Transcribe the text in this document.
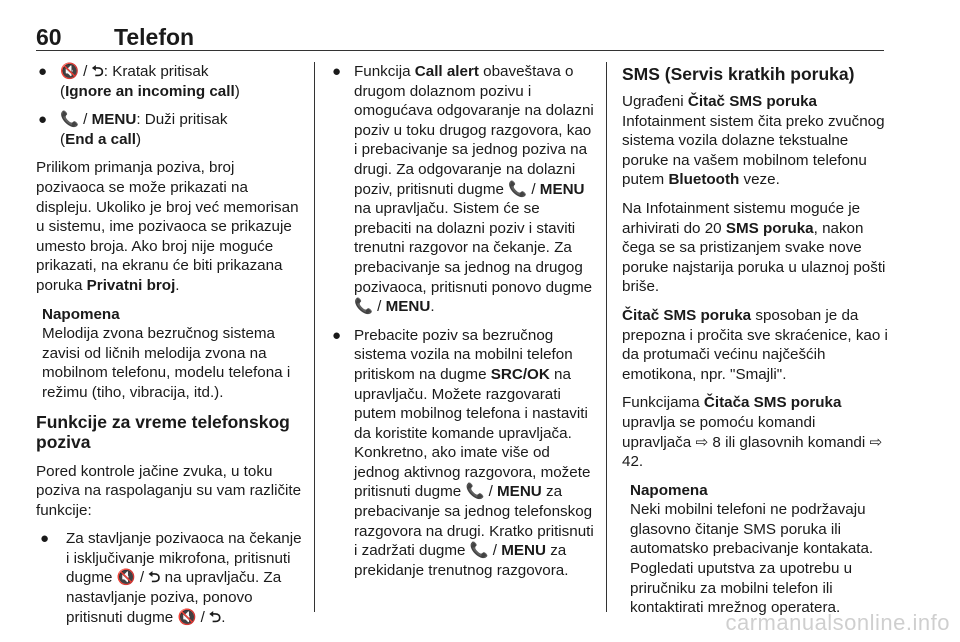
60 Telefon
● 🔇 / ⮌: Kratak pritisak
(Ignore an incoming call)
● 📞 / MENU: Duži pritisak
(End a call)

Prilikom primanja poziva, broj pozivaoca se može prikazati na displeju. Ukoliko je broj već memorisan u sistemu, ime pozivaoca se prikazuje umesto broja. Ako broj nije moguće prikazati, na ekranu će biti prikazana poruka Privatni broj.

Napomena
Melodija zvona bezručnog sistema zavisi od ličnih melodija zvona na mobilnom telefonu, modelu telefona i režimu (tiho, vibracija, itd.).
Funkcije za vreme telefonskog poziva

Pored kontrole jačine zvuka, u toku poziva na raspolaganju su vam različite funkcije:

● Za stavljanje pozivaoca na čekanje i isključivanje mikrofona, pritisnuti dugme 🔇 / ⮌ na upravljaču. Za nastavljanje poziva, ponovo pritisnuti dugme 🔇 / ⮌.
● Funkcija Call alert obaveštava o drugom dolaznom pozivu i omogućava odgovaranje na dolazni poziv u toku drugog razgovora, kao i prebacivanje sa jednog poziva na drugi. Za odgovaranje na dolazni poziv, pritisnuti dugme 📞 / MENU na upravljaču. Sistem će se prebaciti na dolazni poziv i staviti trenutni razgovor na čekanje. Za prebacivanje sa jednog na drugog pozivaoca, pritisnuti ponovo dugme 📞 / MENU.
● Prebacite poziv sa bezručnog sistema vozila na mobilni telefon pritiskom na dugme SRC/OK na upravljaču. Možete razgovarati putem mobilnog telefona i nastaviti da koristite komande upravljača. Konkretno, ako imate više od jednog aktivnog razgovora, možete pritisnuti dugme 📞 / MENU za prebacivanje sa jednog telefonskog razgovora na drugi. Kratko pritisnuti i zadržati dugme 📞 / MENU za prekidanje trenutnog razgovora.
SMS (Servis kratkih poruka)

Ugrađeni Čitač SMS poruka Infotainment sistem čita preko zvučnog sistema vozila dolazne tekstualne poruke na vašem mobilnom telefonu putem Bluetooth veze.

Na Infotainment sistemu moguće je arhivirati do 20 SMS poruka, nakon čega se sa pristizanjem svake nove poruke najstarija poruka u ulaznoj pošti briše.

Čitač SMS poruka sposoban je da prepozna i pročita sve skraćenice, kao i da protumači većinu najčešćih emotikona, npr. "Smajli".

Funkcijama Čitača SMS poruka upravlja se pomoću komandi upravljača ⇨ 8 ili glasovnih komandi ⇨ 42.

Napomena
Neki mobilni telefoni ne podržavaju glasovno čitanje SMS poruka ili automatsko prebacivanje kontakata. Pogledati uputstva za upotrebu u priručniku za mobilni telefon ili kontaktirati mrežnog operatera.
carmanualsonline.info
